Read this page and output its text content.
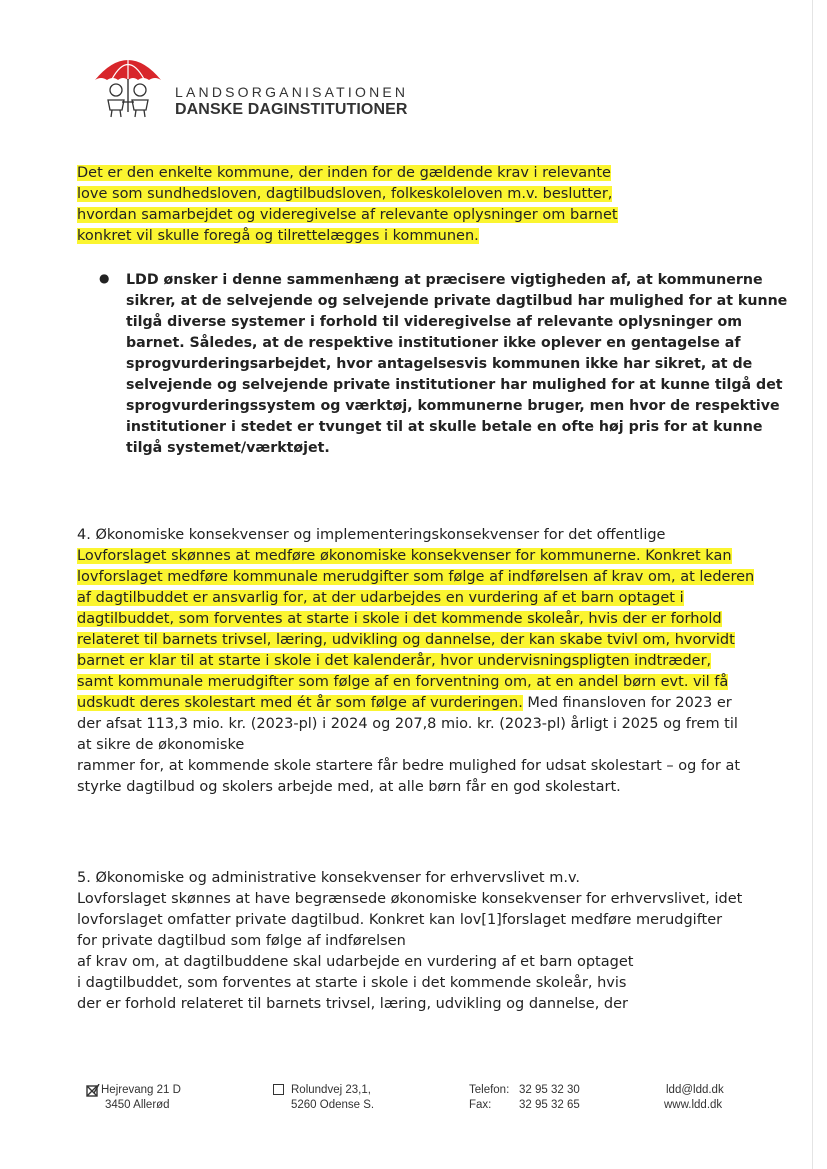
LANDSORGANISATIONEN
DANSKE DAGINSTITUTIONER
Det er den enkelte kommune, der inden for de gældende krav i relevante
love som sundhedsloven, dagtilbudsloven, folkeskoleloven m.v. beslutter,
hvordan samarbejdet og videregivelse af relevante oplysninger om barnet
konkret vil skulle foregå og tilrettelægges i kommunen.
● LDD ønsker i denne sammenhæng at præcisere vigtigheden af, at kommunerne
sikrer, at de selvejende og selvejende private dagtilbud har mulighed for at kunne
tilgå diverse systemer i forhold til videregivelse af relevante oplysninger om
barnet. Således, at de respektive institutioner ikke oplever en gentagelse af
sprogvurderingsarbejdet, hvor antagelsesvis kommunen ikke har sikret, at de
selvejende og selvejende private institutioner har mulighed for at kunne tilgå det
sprogvurderingssystem og værktøj, kommunerne bruger, men hvor de respektive
institutioner i stedet er tvunget til at skulle betale en ofte høj pris for at kunne
tilgå systemet/værktøjet.
4. Økonomiske konsekvenser og implementeringskonsekvenser for det offentlige
Lovforslaget skønnes at medføre økonomiske konsekvenser for kommunerne. Konkret kan
lovforslaget medføre kommunale merudgifter som følge af indførelsen af krav om, at lederen
af dagtilbuddet er ansvarlig for, at der udarbejdes en vurdering af et barn optaget i
dagtilbuddet, som forventes at starte i skole i det kommende skoleår, hvis der er forhold
relateret til barnets trivsel, læring, udvikling og dannelse, der kan skabe tvivl om, hvorvidt
barnet er klar til at starte i skole i det kalenderår, hvor undervisningspligten indtræder,
samt kommunale merudgifter som følge af en forventning om, at en andel børn evt. vil få
udskudt deres skolestart med ét år som følge af vurderingen. Med finansloven for 2023 er
der afsat 113,3 mio. kr. (2023-pl) i 2024 og 207,8 mio. kr. (2023-pl) årligt i 2025 og frem til
at sikre de økonomiske
rammer for, at kommende skole startere får bedre mulighed for udsat skolestart – og for at
styrke dagtilbud og skolers arbejde med, at alle børn får en god skolestart.
5. Økonomiske og administrative konsekvenser for erhvervslivet m.v.
Lovforslaget skønnes at have begrænsede økonomiske konsekvenser for erhvervslivet, idet
lovforslaget omfatter private dagtilbud. Konkret kan lov[1]forslaget medføre merudgifter
for private dagtilbud som følge af indførelsen
af krav om, at dagtilbuddene skal udarbejde en vurdering af et barn optaget
i dagtilbuddet, som forventes at starte i skole i det kommende skoleår, hvis
der er forhold relateret til barnets trivsel, læring, udvikling og dannelse, der
Hejrevang 21 D
3450 Allerød
Rolundvej 23,1,
5260 Odense S.
Telefon: 32 95 32 30
Fax: 32 95 32 65
ldd@ldd.dk
www.ldd.dk
